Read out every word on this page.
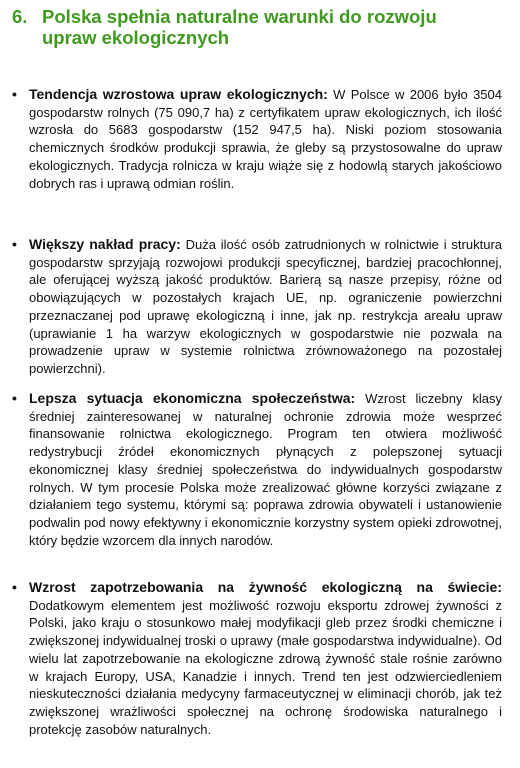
6. Polska spełnia naturalne warunki do rozwoju
upraw ekologicznych
• Tendencja wzrostowa upraw ekologicznych: W Polsce w 2006 było 3504 gospodarstw rolnych (75 090,7 ha) z certyfikatem upraw ekologicznych, ich ilość wzrosła do 5683 gospodarstw (152 947,5 ha). Niski poziom stosowania chemicznych środków produkcji sprawia, że gleby są przystosowalne do upraw ekologicznych. Tradycja rolnicza w kraju wiąże się z hodowlą starych jakościowo dobrych ras i uprawą odmian roślin.
• Większy nakład pracy: Duża ilość osób zatrudnionych w rolnictwie i struktura gospodarstw sprzyjają rozwojowi produkcji specyficznej, bardziej pracochłonnej, ale oferującej wyższą jakość produktów. Barierą są nasze przepisy, różne od obowiązujących w pozostałych krajach UE, np. ograniczenie powierzchni przeznaczanej pod uprawę ekologiczną i inne, jak np. restrykcja areału upraw (uprawianie 1 ha warzyw ekologicznych w gospodarstwie nie pozwala na prowadzenie upraw w systemie rolnictwa zrównoważonego na pozostałej powierzchni).
• Lepsza sytuacja ekonomiczna społeczeństwa: Wzrost liczebny klasy średniej zainteresowanej w naturalnej ochronie zdrowia może wesprzeć finansowanie rolnictwa ekologicznego. Program ten otwiera możliwość redystrybucji źródeł ekonomicznych płynących z polepszonej sytuacji ekonomicznej klasy średniej społeczeństwa do indywidualnych gospodarstw rolnych. W tym procesie Polska może zrealizować główne korzyści związane z działaniem tego systemu, którymi są: poprawa zdrowia obywateli i ustanowienie podwalin pod nowy efektywny i ekonomicznie korzystny system opieki zdrowotnej, który będzie wzorcem dla innych narodów.
• Wzrost zapotrzebowania na żywność ekologiczną na świecie: Dodatkowym elementem jest możliwość rozwoju eksportu zdrowej żywności z Polski, jako kraju o stosunkowo małej modyfikacji gleb przez środki chemiczne i zwiększonej indywidualnej troski o uprawy (małe gospodarstwa indywidualne). Od wielu lat zapotrzebowanie na ekologiczne zdrową żywność stale rośnie zarówno w krajach Europy, USA, Kanadzie i innych. Trend ten jest odzwierciedleniem nieskuteczności działania medycyny farmaceutycznej w eliminacji chorób, jak też zwiększonej wrażliwości społecznej na ochronę środowiska naturalnego i protekcję zasobów naturalnych.
